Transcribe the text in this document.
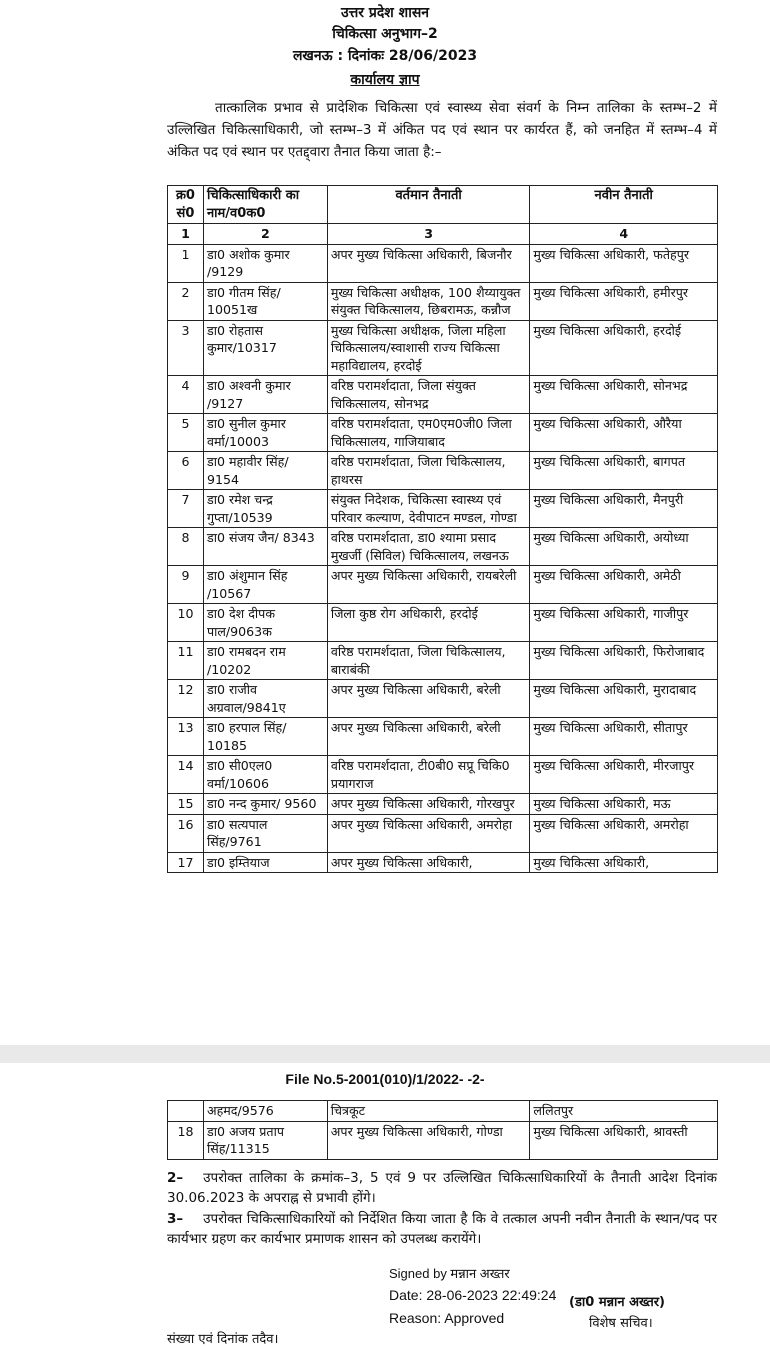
उत्तर प्रदेश शासन
चिकित्सा अनुभाग–2
लखनऊ : दिनांकः 28/06/2023
कार्यालय ज्ञाप
तात्कालिक प्रभाव से प्रादेशिक चिकित्सा एवं स्वास्थ्य सेवा संवर्ग के निम्न तालिका के स्तम्भ–2 में उल्लिखित चिकित्साधिकारी, जो स्तम्भ–3 में अंकित पद एवं स्थान पर कार्यरत हैं, को जनहित में स्तम्भ–4 में अंकित पद एवं स्थान पर एतद्द्वारा तैनात किया जाता है:–
क्र0 सं0	चिकित्साधिकारी का नाम/व0क0	वर्तमान तैनाती	नवीन तैनाती
1	2	3	4
1	डा0 अशोक कुमार /9129	अपर मुख्य चिकित्सा अधिकारी, बिजनौर	मुख्य चिकित्सा अधिकारी, फतेहपुर
2	डा0 गीतम सिंह/ 10051ख	मुख्य चिकित्सा अधीक्षक, 100 शैय्यायुक्त संयुक्त चिकित्सालय, छिबरामऊ, कन्नौज	मुख्य चिकित्सा अधिकारी, हमीरपुर
3	डा0 रोहतास कुमार/10317	मुख्य चिकित्सा अधीक्षक, जिला महिला चिकित्सालय/स्वाशासी राज्य चिकित्सा महाविद्यालय, हरदोई	मुख्य चिकित्सा अधिकारी, हरदोई
4	डा0 अश्वनी कुमार /9127	वरिष्ठ परामर्शदाता, जिला संयुक्त चिकित्सालय, सोनभद्र	मुख्य चिकित्सा अधिकारी, सोनभद्र
5	डा0 सुनील कुमार वर्मा/10003	वरिष्ठ परामर्शदाता, एम0एम0जी0 जिला चिकित्सालय, गाजियाबाद	मुख्य चिकित्सा अधिकारी, औरैया
6	डा0 महावीर सिंह/ 9154	वरिष्ठ परामर्शदाता, जिला चिकित्सालय, हाथरस	मुख्य चिकित्सा अधिकारी, बागपत
7	डा0 रमेश चन्द्र गुप्ता/10539	संयुक्त निदेशक, चिकित्सा स्वास्थ्य एवं परिवार कल्याण, देवीपाटन मण्डल, गोण्डा	मुख्य चिकित्सा अधिकारी, मैनपुरी
8	डा0 संजय जैन/ 8343	वरिष्ठ परामर्शदाता, डा0 श्यामा प्रसाद मुखर्जी (सिविल) चिकित्सालय, लखनऊ	मुख्य चिकित्सा अधिकारी, अयोध्या
9	डा0 अंशुमान सिंह /10567	अपर मुख्य चिकित्सा अधिकारी, रायबरेली	मुख्य चिकित्सा अधिकारी, अमेठी
10	डा0 देश दीपक पाल/9063क	जिला कुष्ठ रोग अधिकारी, हरदोई	मुख्य चिकित्सा अधिकारी, गाजीपुर
11	डा0 रामबदन राम /10202	वरिष्ठ परामर्शदाता, जिला चिकित्सालय, बाराबंकी	मुख्य चिकित्सा अधिकारी, फिरोजाबाद
12	डा0 राजीव अग्रवाल/9841ए	अपर मुख्य चिकित्सा अधिकारी, बरेली	मुख्य चिकित्सा अधिकारी, मुरादाबाद
13	डा0 हरपाल सिंह/ 10185	अपर मुख्य चिकित्सा अधिकारी, बरेली	मुख्य चिकित्सा अधिकारी, सीतापुर
14	डा0 सी0एल0 वर्मा/10606	वरिष्ठ परामर्शदाता, टी0बी0 सप्रू चिकि0 प्रयागराज	मुख्य चिकित्सा अधिकारी, मीरजापुर
15	डा0 नन्द कुमार/ 9560	अपर मुख्य चिकित्सा अधिकारी, गोरखपुर	मुख्य चिकित्सा अधिकारी, मऊ
16	डा0 सत्यपाल सिंह/9761	अपर मुख्य चिकित्सा अधिकारी, अमरोहा	मुख्य चिकित्सा अधिकारी, अमरोहा
17	डा0 इम्तियाज	अपर मुख्य चिकित्सा अधिकारी,	मुख्य चिकित्सा अधिकारी,
File No.5-2001(010)/1/2022- -2-
	अहमद/9576	चित्रकूट	ललितपुर
18	डा0 अजय प्रताप सिंह/11315	अपर मुख्य चिकित्सा अधिकारी, गोण्डा	मुख्य चिकित्सा अधिकारी, श्रावस्ती
2– उपरोक्त तालिका के क्रमांक–3, 5 एवं 9 पर उल्लिखित चिकित्साधिकारियों के तैनाती आदेश दिनांक 30.06.2023 के अपराह्न से प्रभावी होंगे।
3– उपरोक्त चिकित्साधिकारियों को निर्देशित किया जाता है कि वे तत्काल अपनी नवीन तैनाती के स्थान/पद पर कार्यभार ग्रहण कर कार्यभार प्रमाणक शासन को उपलब्ध करायेंगे।
Signed by मन्नान अख्तर
Date: 28-06-2023 22:49:24
Reason: Approved
(डा0 मन्नान अख्तर)
विशेष सचिव।
संख्या एवं दिनांक तदैव।
